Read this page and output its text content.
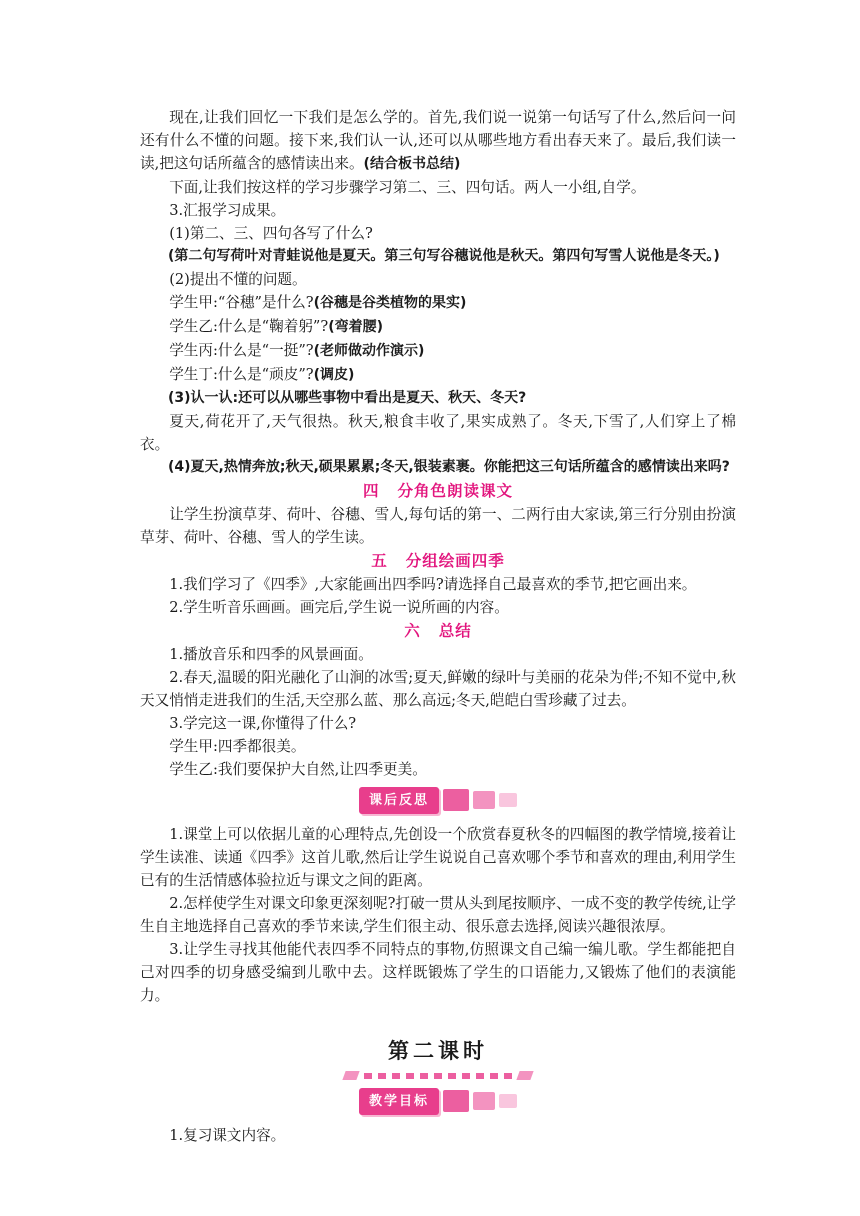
现在,让我们回忆一下我们是怎么学的。首先,我们说一说第一句话写了什么,然后问一问还有什么不懂的问题。接下来,我们认一认,还可以从哪些地方看出春天来了。最后,我们读一读,把这句话所蕴含的感情读出来。(结合板书总结)

下面,让我们按这样的学习步骤学习第二、三、四句话。两人一小组,自学。

3.汇报学习成果。

(1)第二、三、四句各写了什么?

(第二句写荷叶对青蛙说他是夏天。第三句写谷穗说他是秋天。第四句写雪人说他是冬天。)

(2)提出不懂的问题。

学生甲:“谷穗”是什么?(谷穗是谷类植物的果实)

学生乙:什么是“鞠着躬”?(弯着腰)

学生丙:什么是“一挺”?(老师做动作演示)

学生丁:什么是“顽皮”?(调皮)

(3)认一认:还可以从哪些事物中看出是夏天、秋天、冬天?

夏天,荷花开了,天气很热。秋天,粮食丰收了,果实成熟了。冬天,下雪了,人们穿上了棉衣。

(4)夏天,热情奔放;秋天,硕果累累;冬天,银装素裹。你能把这三句话所蕴含的感情读出来吗?

四 分角色朗读课文

让学生扮演草芽、荷叶、谷穗、雪人,每句话的第一、二两行由大家读,第三行分别由扮演草芽、荷叶、谷穗、雪人的学生读。

五 分组绘画四季

1.我们学习了《四季》,大家能画出四季吗?请选择自己最喜欢的季节,把它画出来。

2.学生听音乐画画。画完后,学生说一说所画的内容。

六 总结

1.播放音乐和四季的风景画面。

2.春天,温暖的阳光融化了山涧的冰雪;夏天,鲜嫩的绿叶与美丽的花朵为伴;不知不觉中,秋天又悄悄走进我们的生活,天空那么蓝、那么高远;冬天,皑皑白雪珍藏了过去。

3.学完这一课,你懂得了什么?

学生甲:四季都很美。

学生乙:我们要保护大自然,让四季更美。

课后反思

1.课堂上可以依据儿童的心理特点,先创设一个欣赏春夏秋冬的四幅图的教学情境,接着让学生读准、读通《四季》这首儿歌,然后让学生说说自己喜欢哪个季节和喜欢的理由,利用学生已有的生活情感体验拉近与课文之间的距离。

2.怎样使学生对课文印象更深刻呢?打破一贯从头到尾按顺序、一成不变的教学传统,让学生自主地选择自己喜欢的季节来读,学生们很主动、很乐意去选择,阅读兴趣很浓厚。

3.让学生寻找其他能代表四季不同特点的事物,仿照课文自己编一编儿歌。学生都能把自己对四季的切身感受编到儿歌中去。这样既锻炼了学生的口语能力,又锻炼了他们的表演能力。

第二课时

教学目标

1.复习课文内容。
